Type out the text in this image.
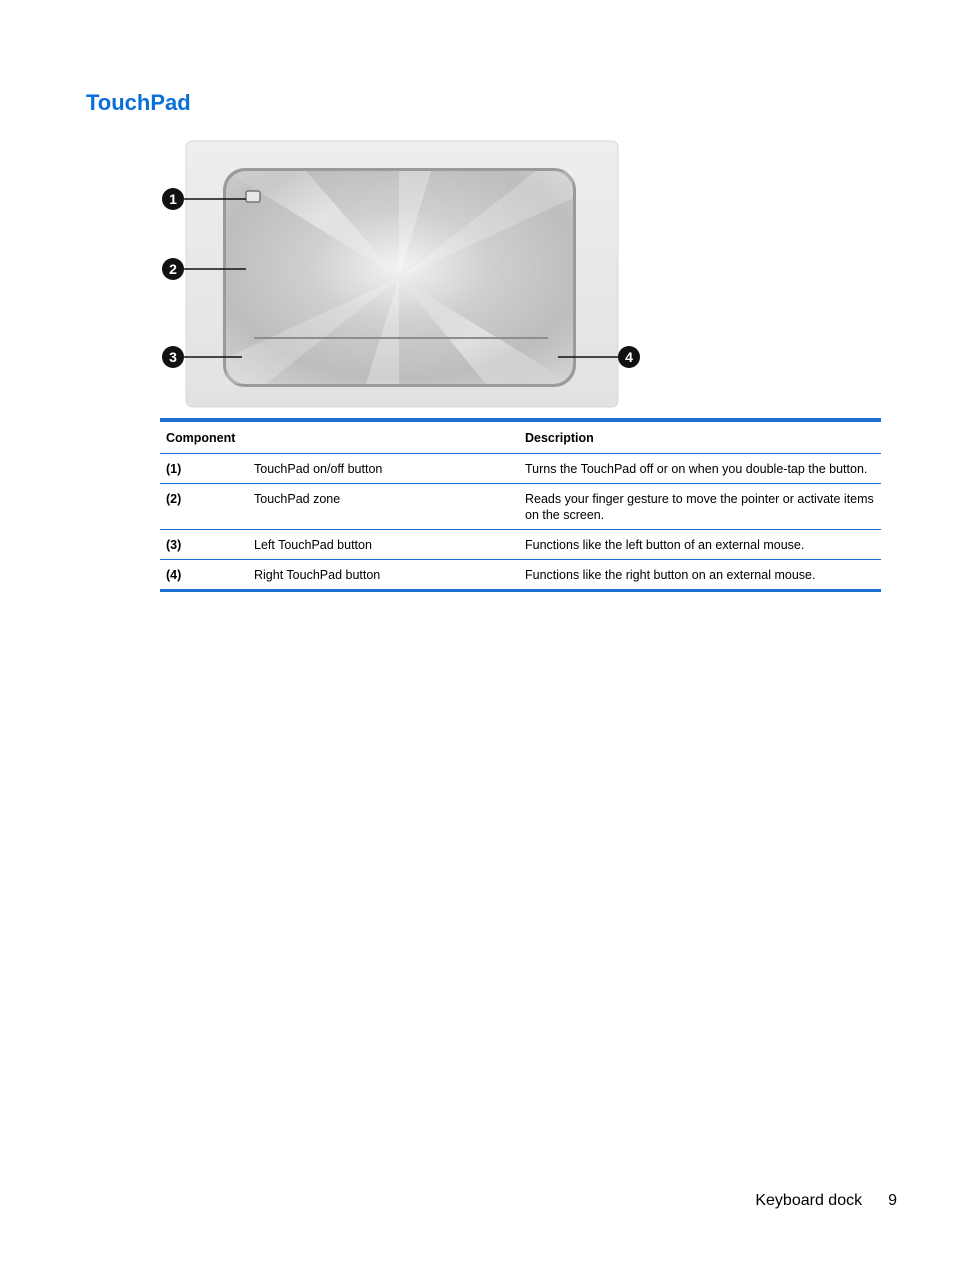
TouchPad
1
2
3	4
Component		Description
(1)	TouchPad on/off button	Turns the TouchPad off or on when you double-tap the button.
(2)	TouchPad zone	Reads your finger gesture to move the pointer or activate items on the screen.
(3)	Left TouchPad button	Functions like the left button of an external mouse.
(4)	Right TouchPad button	Functions like the right button on an external mouse.
Keyboard dock 9
